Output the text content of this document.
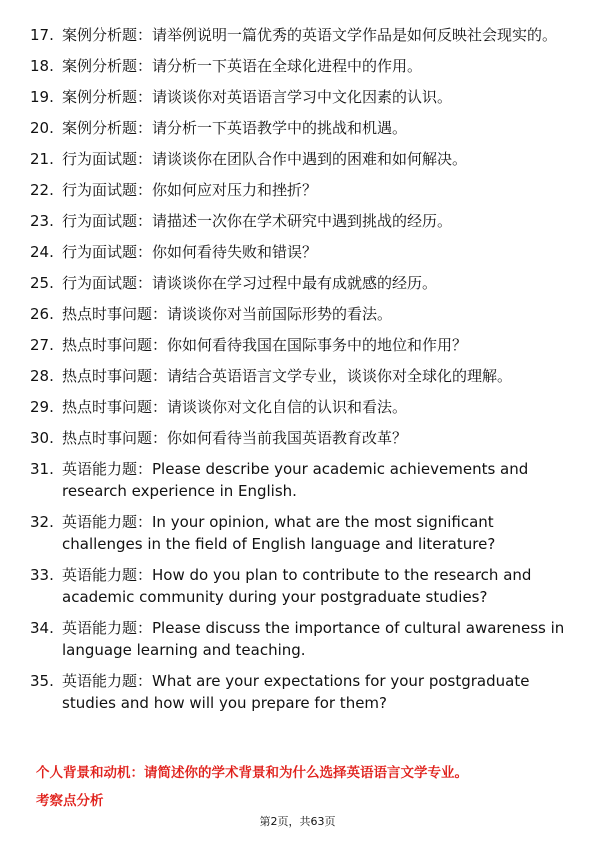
17. 案例分析题：请举例说明一篇优秀的英语文学作品是如何反映社会现实的。
18. 案例分析题：请分析一下英语在全球化进程中的作用。
19. 案例分析题：请谈谈你对英语语言学习中文化因素的认识。
20. 案例分析题：请分析一下英语教学中的挑战和机遇。
21. 行为面试题：请谈谈你在团队合作中遇到的困难和如何解决。
22. 行为面试题：你如何应对压力和挫折？
23. 行为面试题：请描述一次你在学术研究中遇到挑战的经历。
24. 行为面试题：你如何看待失败和错误？
25. 行为面试题：请谈谈你在学习过程中最有成就感的经历。
26. 热点时事问题：请谈谈你对当前国际形势的看法。
27. 热点时事问题：你如何看待我国在国际事务中的地位和作用？
28. 热点时事问题：请结合英语语言文学专业，谈谈你对全球化的理解。
29. 热点时事问题：请谈谈你对文化自信的认识和看法。
30. 热点时事问题：你如何看待当前我国英语教育改革？
31. 英语能力题：Please describe your academic achievements and research experience in English.
32. 英语能力题：In your opinion, what are the most significant challenges in the field of English language and literature?
33. 英语能力题：How do you plan to contribute to the research and academic community during your postgraduate studies?
34. 英语能力题：Please discuss the importance of cultural awareness in language learning and teaching.
35. 英语能力题：What are your expectations for your postgraduate studies and how will you prepare for them?
个人背景和动机：请简述你的学术背景和为什么选择英语语言文学专业。
考察点分析
第2页，共63页
